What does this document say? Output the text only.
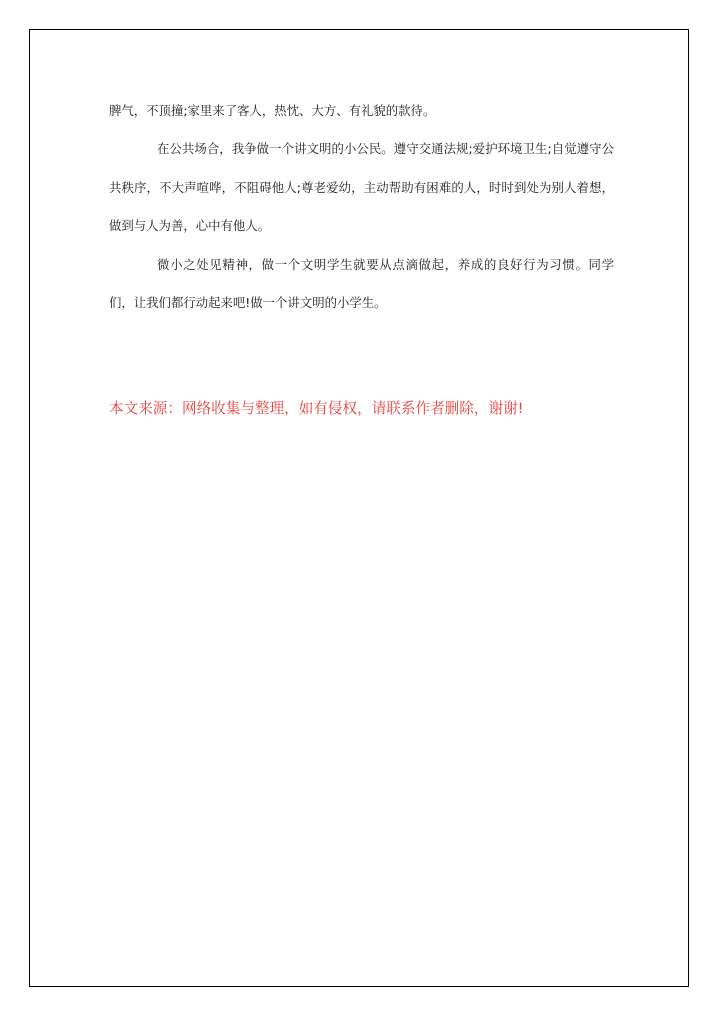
脾气，不顶撞;家里来了客人，热忱、大方、有礼貌的款待。

在公共场合，我争做一个讲文明的小公民。遵守交通法规;爱护环境卫生;自觉遵守公共秩序，不大声喧哗，不阻碍他人;尊老爱幼，主动帮助有困难的人，时时到处为别人着想，做到与人为善，心中有他人。

微小之处见精神，做一个文明学生就要从点滴做起，养成的良好行为习惯。同学们，让我们都行动起来吧!做一个讲文明的小学生。

本文来源：网络收集与整理，如有侵权，请联系作者删除，谢谢!
